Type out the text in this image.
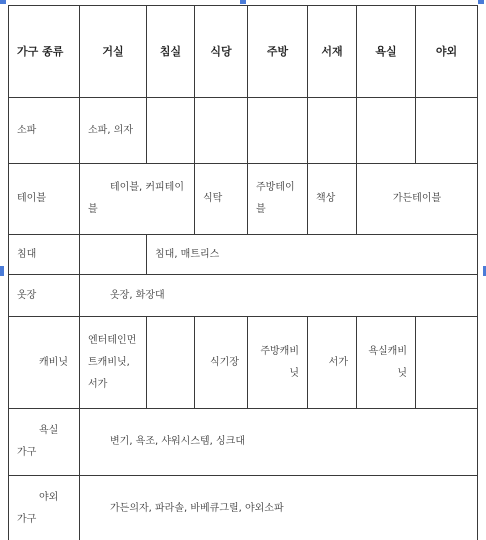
가구 종류	거실	침실	식당	주방	서재	욕실	야외
소파	소파, 의자						
테이블	테이블, 커피테이블		식탁	주방테이블	책상	가든테이블	
침대		침대, 매트리스					
옷장	옷장, 화장대						
캐비닛	엔터테인먼트캐비닛, 서가		식기장	주방캐비닛	서가	욕실캐비닛	
욕실 가구	변기, 욕조, 샤워시스템, 싱크대						
야외 가구	가든의자, 파라솔, 바베큐그릴, 야외소파						
